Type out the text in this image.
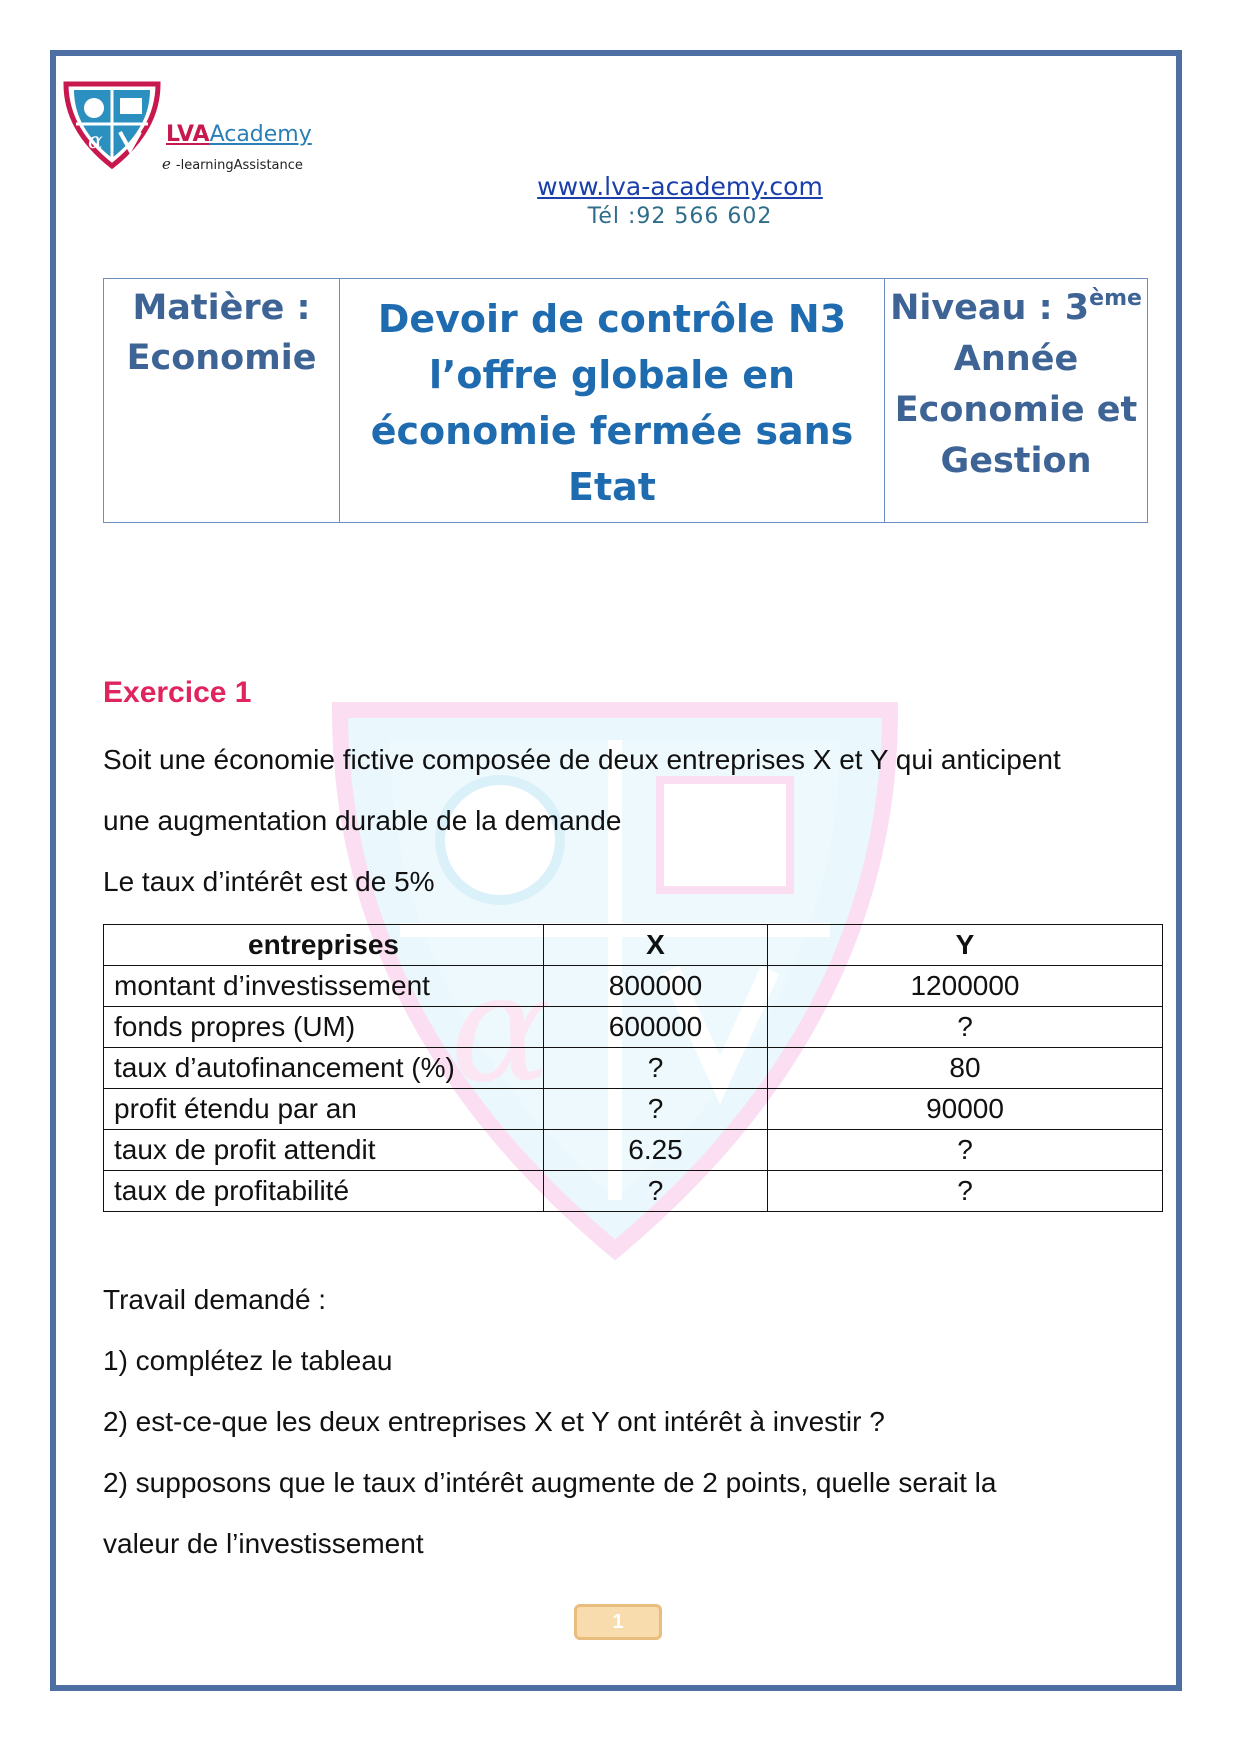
α	LVAAcademy
e -learningAssistance
www.lva-academy.com
Tél :92 566 602
Matière :
Economie

Devoir de contrôle N3
l’offre globale en
économie fermée sans
Etat

Niveau : 3ème
Année
Economie et
Gestion
α
Exercice 1
Soit une économie fictive composée de deux entreprises X et Y qui anticipent
une augmentation durable de la demande
Le taux d’intérêt est de 5%
entreprises	X	Y
montant d’investissement	800000	1200000
fonds propres (UM)	600000	?
taux d’autofinancement (%)	?	80
profit étendu par an	?	90000
taux de profit attendit	6.25	?
taux de profitabilité	?	?
Travail demandé :
1) complétez le tableau
2) est-ce-que les deux entreprises X et Y ont intérêt à investir ?
2) supposons que le taux d’intérêt augmente de 2 points, quelle serait la
valeur de l’investissement
1
